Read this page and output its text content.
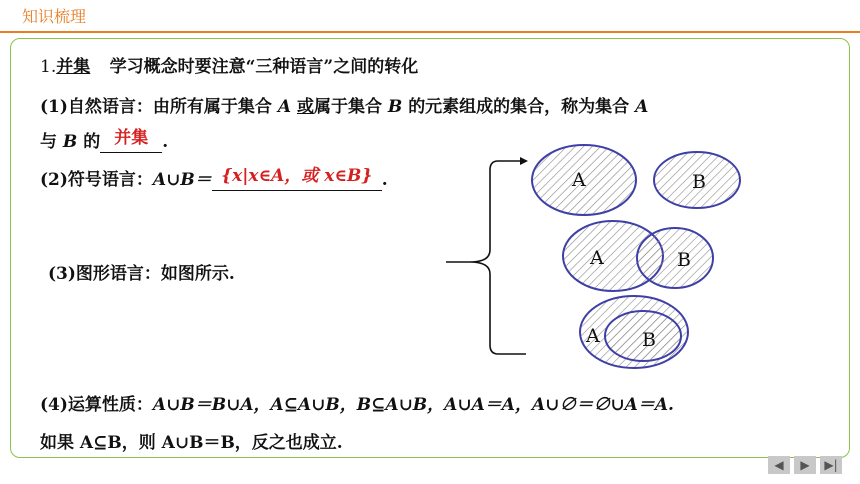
知识梳理
1.并集 学习概念时要注意“三种语言”之间的转化
(1)自然语言：由所有属于集合 A 或属于集合 B 的元素组成的集合，称为集合 A
与 B 的 并集 .
(2)符号语言：A∪B＝ {x|x∈A，或 x∈B} .
(3)图形语言：如图所示.
A	B
A	B
A B
(4)运算性质：A∪B＝B∪A，A⊆A∪B，B⊆A∪B，A∪A＝A，A∪∅＝∅∪A＝A.
如果 A⊆B，则 A∪B＝B，反之也成立.
◀	▶	▶|
